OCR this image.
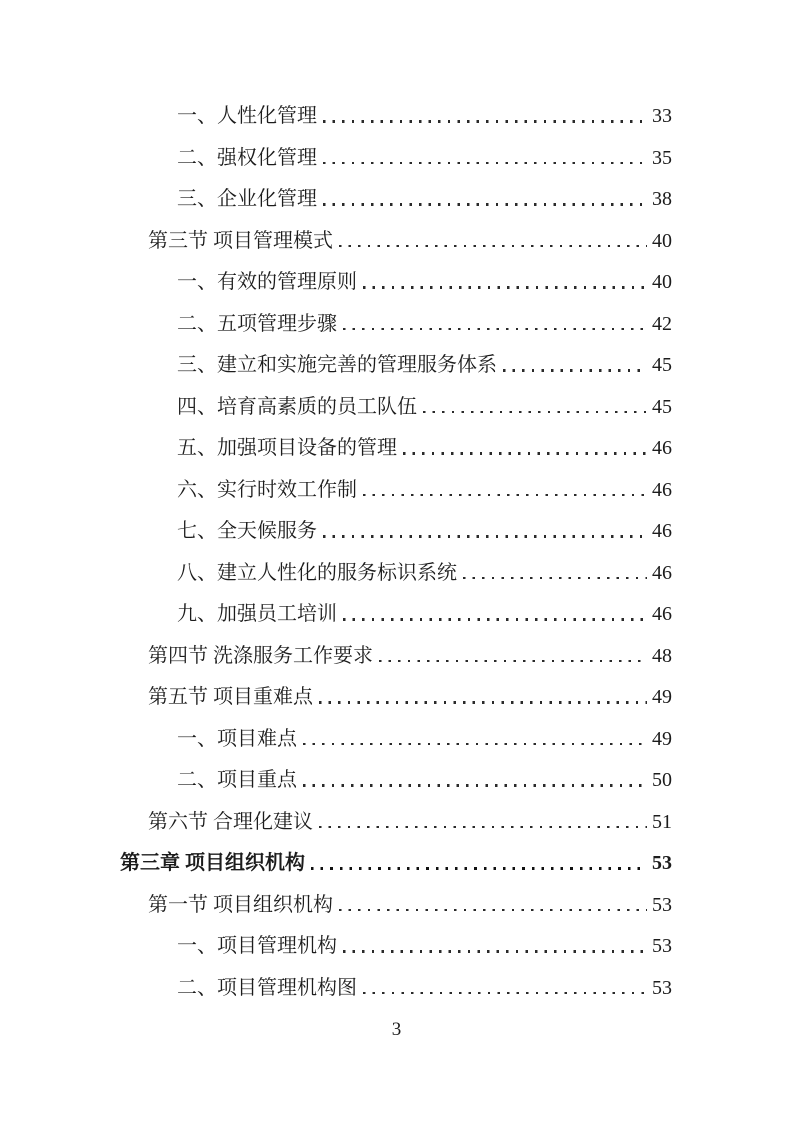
一、人性化管理	33
二、强权化管理	35
三、企业化管理	38
第三节 项目管理模式	40
一、有效的管理原则	40
二、五项管理步骤	42
三、建立和实施完善的管理服务体系	45
四、培育高素质的员工队伍	45
五、加强项目设备的管理	46
六、实行时效工作制	46
七、全天候服务	46
八、建立人性化的服务标识系统	46
九、加强员工培训	46
第四节 洗涤服务工作要求	48
第五节 项目重难点	49
一、项目难点	49
二、项目重点	50
第六节 合理化建议	51
第三章 项目组织机构	53
第一节 项目组织机构	53
一、项目管理机构	53
二、项目管理机构图	53
3
